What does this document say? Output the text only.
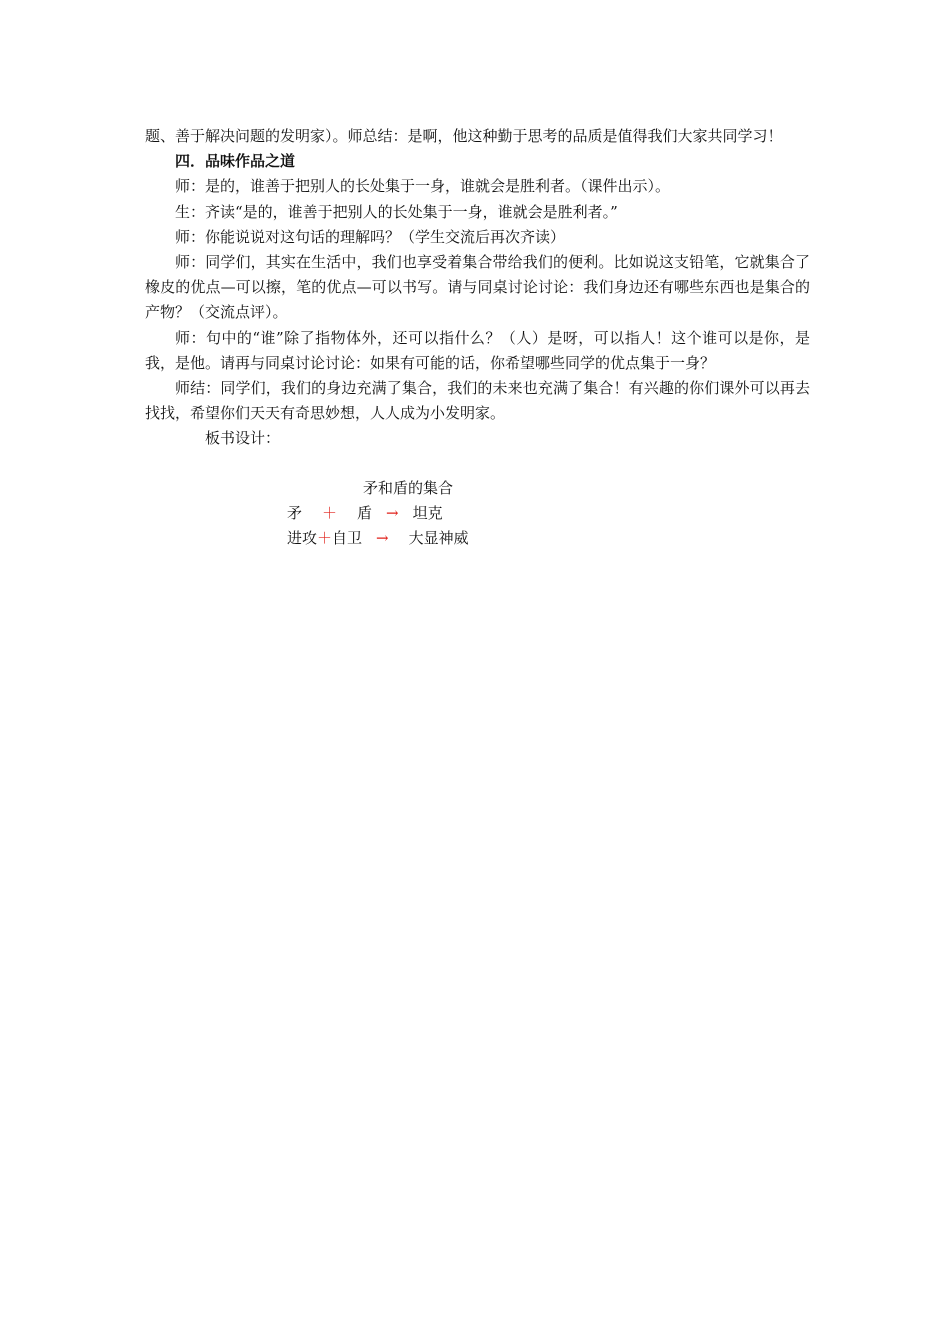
题、善于解决问题的发明家）。师总结：是啊，他这种勤于思考的品质是值得我们大家共同学习！

四．品味作品之道

师：是的，谁善于把别人的长处集于一身，谁就会是胜利者。（课件出示）。

生：齐读“是的，谁善于把别人的长处集于一身，谁就会是胜利者。”

师：你能说说对这句话的理解吗？（学生交流后再次齐读）

师：同学们，其实在生活中，我们也享受着集合带给我们的便利。比如说这支铅笔，它就集合了橡皮的优点—可以擦，笔的优点—可以书写。请与同桌讨论讨论：我们身边还有哪些东西也是集合的产物？（交流点评）。

师：句中的“谁”除了指物体外，还可以指什么？（人）是呀，可以指人！这个谁可以是你，是我，是他。请再与同桌讨论讨论：如果有可能的话，你希望哪些同学的优点集于一身？

师结：同学们，我们的身边充满了集合，我们的未来也充满了集合！有兴趣的你们课外可以再去找找，希望你们天天有奇思妙想，人人成为小发明家。

板书设计：

矛和盾的集合
矛 ＋ 盾 → 坦克
进攻＋自卫 → 大显神威
